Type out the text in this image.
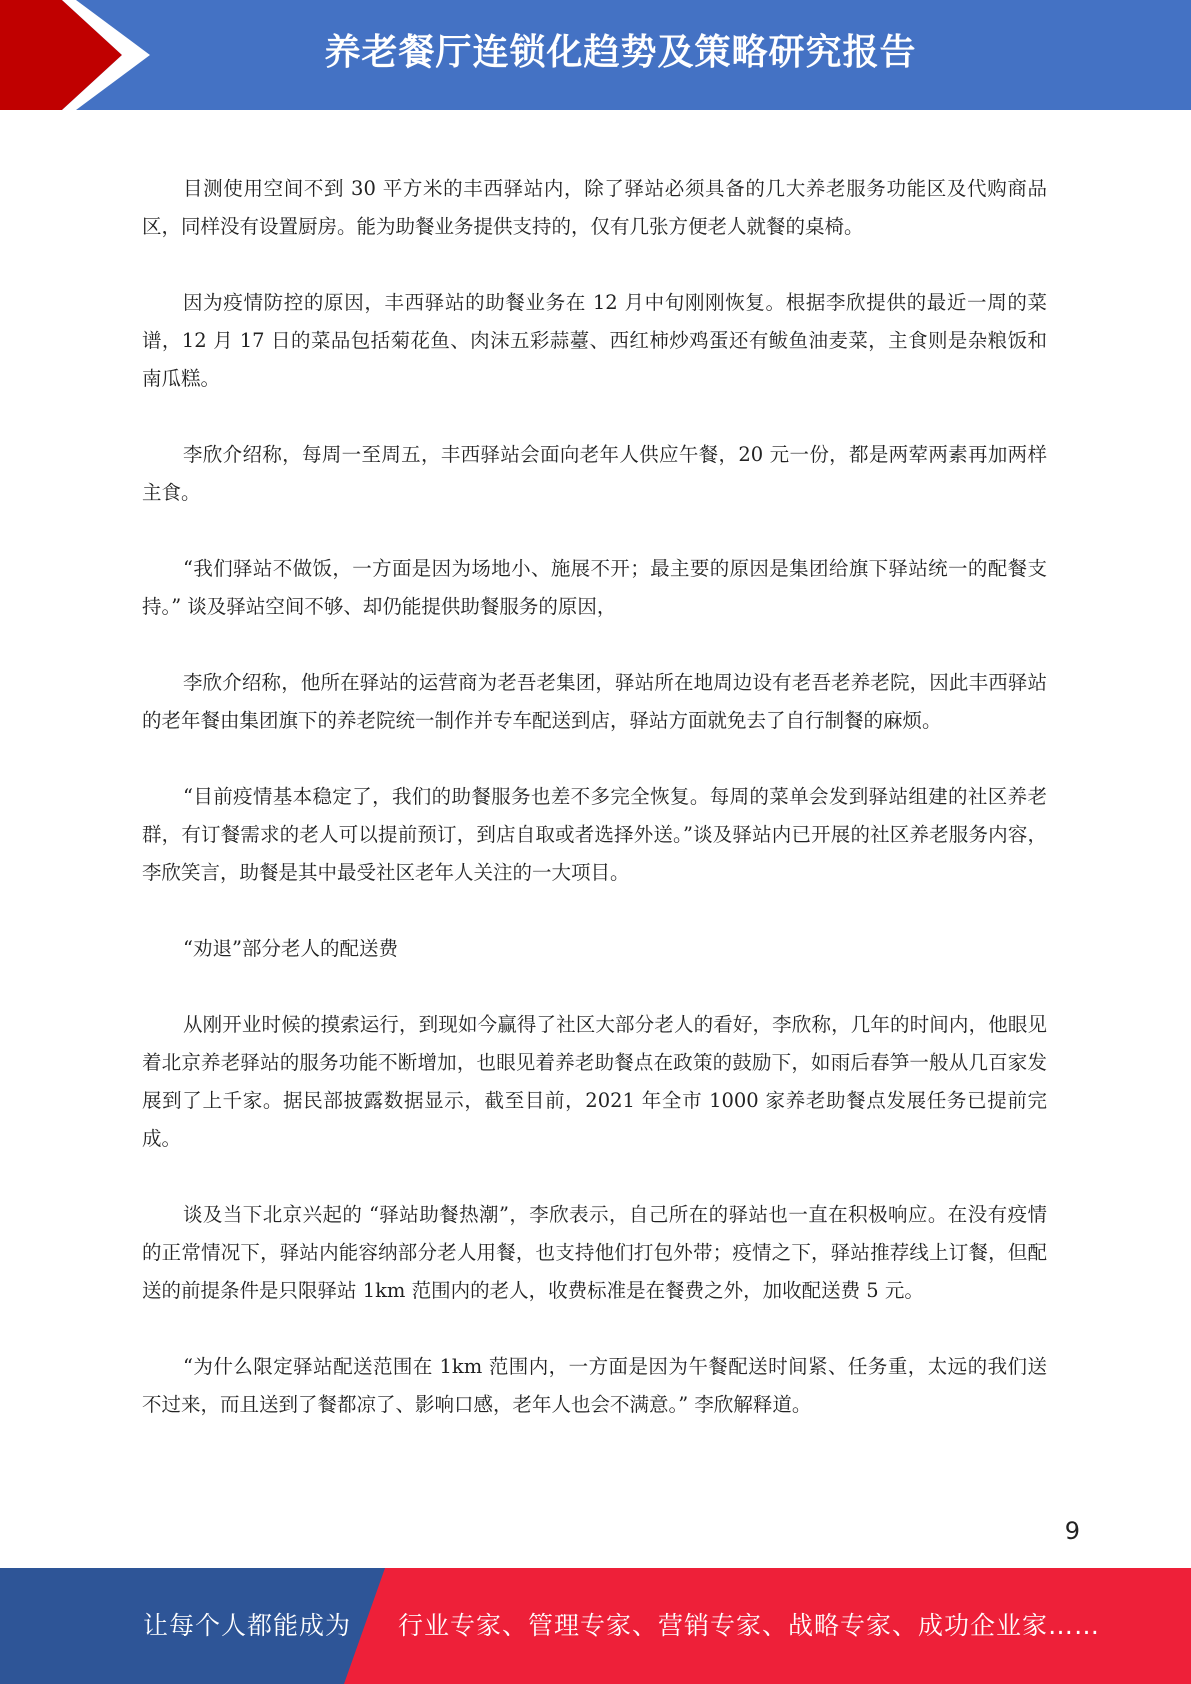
养老餐厅连锁化趋势及策略研究报告

目测使用空间不到 30 平方米的丰西驿站内，除了驿站必须具备的几大养老服务功能区及代购商品区，同样没有设置厨房。能为助餐业务提供支持的，仅有几张方便老人就餐的桌椅。

因为疫情防控的原因，丰西驿站的助餐业务在 12 月中旬刚刚恢复。根据李欣提供的最近一周的菜谱，12 月 17 日的菜品包括菊花鱼、肉沫五彩蒜薹、西红柿炒鸡蛋还有鲅鱼油麦菜，主食则是杂粮饭和南瓜糕。

李欣介绍称，每周一至周五，丰西驿站会面向老年人供应午餐，20 元一份，都是两荤两素再加两样主食。

“我们驿站不做饭，一方面是因为场地小、施展不开；最主要的原因是集团给旗下驿站统一的配餐支持。” 谈及驿站空间不够、却仍能提供助餐服务的原因，

李欣介绍称，他所在驿站的运营商为老吾老集团，驿站所在地周边设有老吾老养老院，因此丰西驿站的老年餐由集团旗下的养老院统一制作并专车配送到店，驿站方面就免去了自行制餐的麻烦。

“目前疫情基本稳定了，我们的助餐服务也差不多完全恢复。每周的菜单会发到驿站组建的社区养老群，有订餐需求的老人可以提前预订，到店自取或者选择外送。”谈及驿站内已开展的社区养老服务内容，李欣笑言，助餐是其中最受社区老年人关注的一大项目。

“劝退”部分老人的配送费

从刚开业时候的摸索运行，到现如今赢得了社区大部分老人的看好，李欣称，几年的时间内，他眼见着北京养老驿站的服务功能不断增加，也眼见着养老助餐点在政策的鼓励下，如雨后春笋一般从几百家发展到了上千家。据民部披露数据显示，截至目前，2021 年全市 1000 家养老助餐点发展任务已提前完成。

谈及当下北京兴起的 “驿站助餐热潮”，李欣表示，自己所在的驿站也一直在积极响应。在没有疫情的正常情况下，驿站内能容纳部分老人用餐，也支持他们打包外带；疫情之下，驿站推荐线上订餐，但配送的前提条件是只限驿站 1km 范围内的老人，收费标准是在餐费之外，加收配送费 5 元。

“为什么限定驿站配送范围在 1km 范围内，一方面是因为午餐配送时间紧、任务重，太远的我们送不过来，而且送到了餐都凉了、影响口感，老年人也会不满意。” 李欣解释道。

9
让每个人都能成为 行业专家、管理专家、营销专家、战略专家、成功企业家……
